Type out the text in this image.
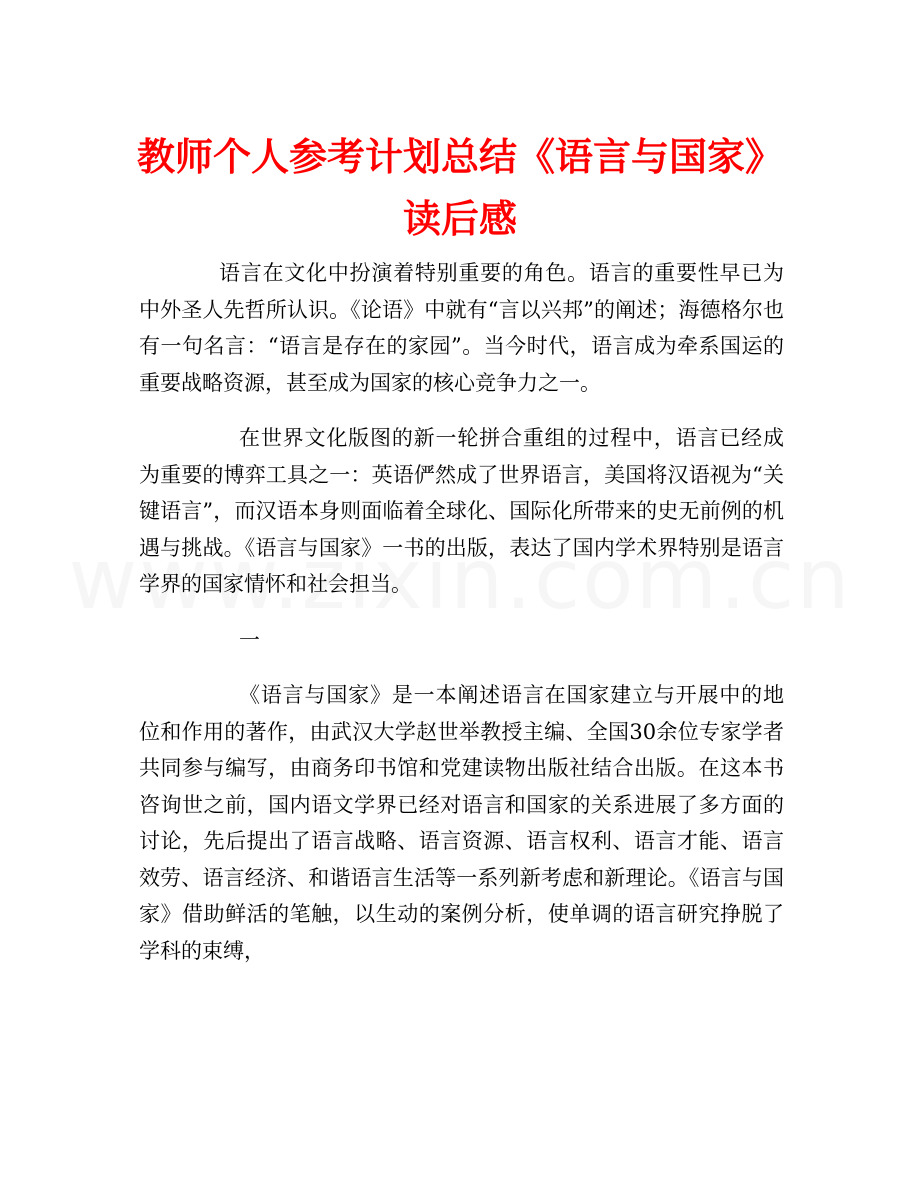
教师个人参考计划总结《语言与国家》读后感

语言在文化中扮演着特别重要的角色。语言的重要性早已为中外圣人先哲所认识。《论语》中就有“言以兴邦”的阐述；海德格尔也有一句名言：“语言是存在的家园”。当今时代，语言成为牵系国运的重要战略资源，甚至成为国家的核心竞争力之一。

在世界文化版图的新一轮拼合重组的过程中，语言已经成为重要的博弈工具之一：英语俨然成了世界语言，美国将汉语视为“关键语言”，而汉语本身则面临着全球化、国际化所带来的史无前例的机遇与挑战。《语言与国家》一书的出版，表达了国内学术界特别是语言学界的国家情怀和社会担当。

一

《语言与国家》是一本阐述语言在国家建立与开展中的地位和作用的著作，由武汉大学赵世举教授主编、全国30余位专家学者共同参与编写，由商务印书馆和党建读物出版社结合出版。在这本书咨询世之前，国内语文学界已经对语言和国家的关系进展了多方面的讨论，先后提出了语言战略、语言资源、语言权利、语言才能、语言效劳、语言经济、和谐语言生活等一系列新考虑和新理论。《语言与国家》借助鲜活的笔触，以生动的案例分析，使单调的语言研究挣脱了学科的束缚，
